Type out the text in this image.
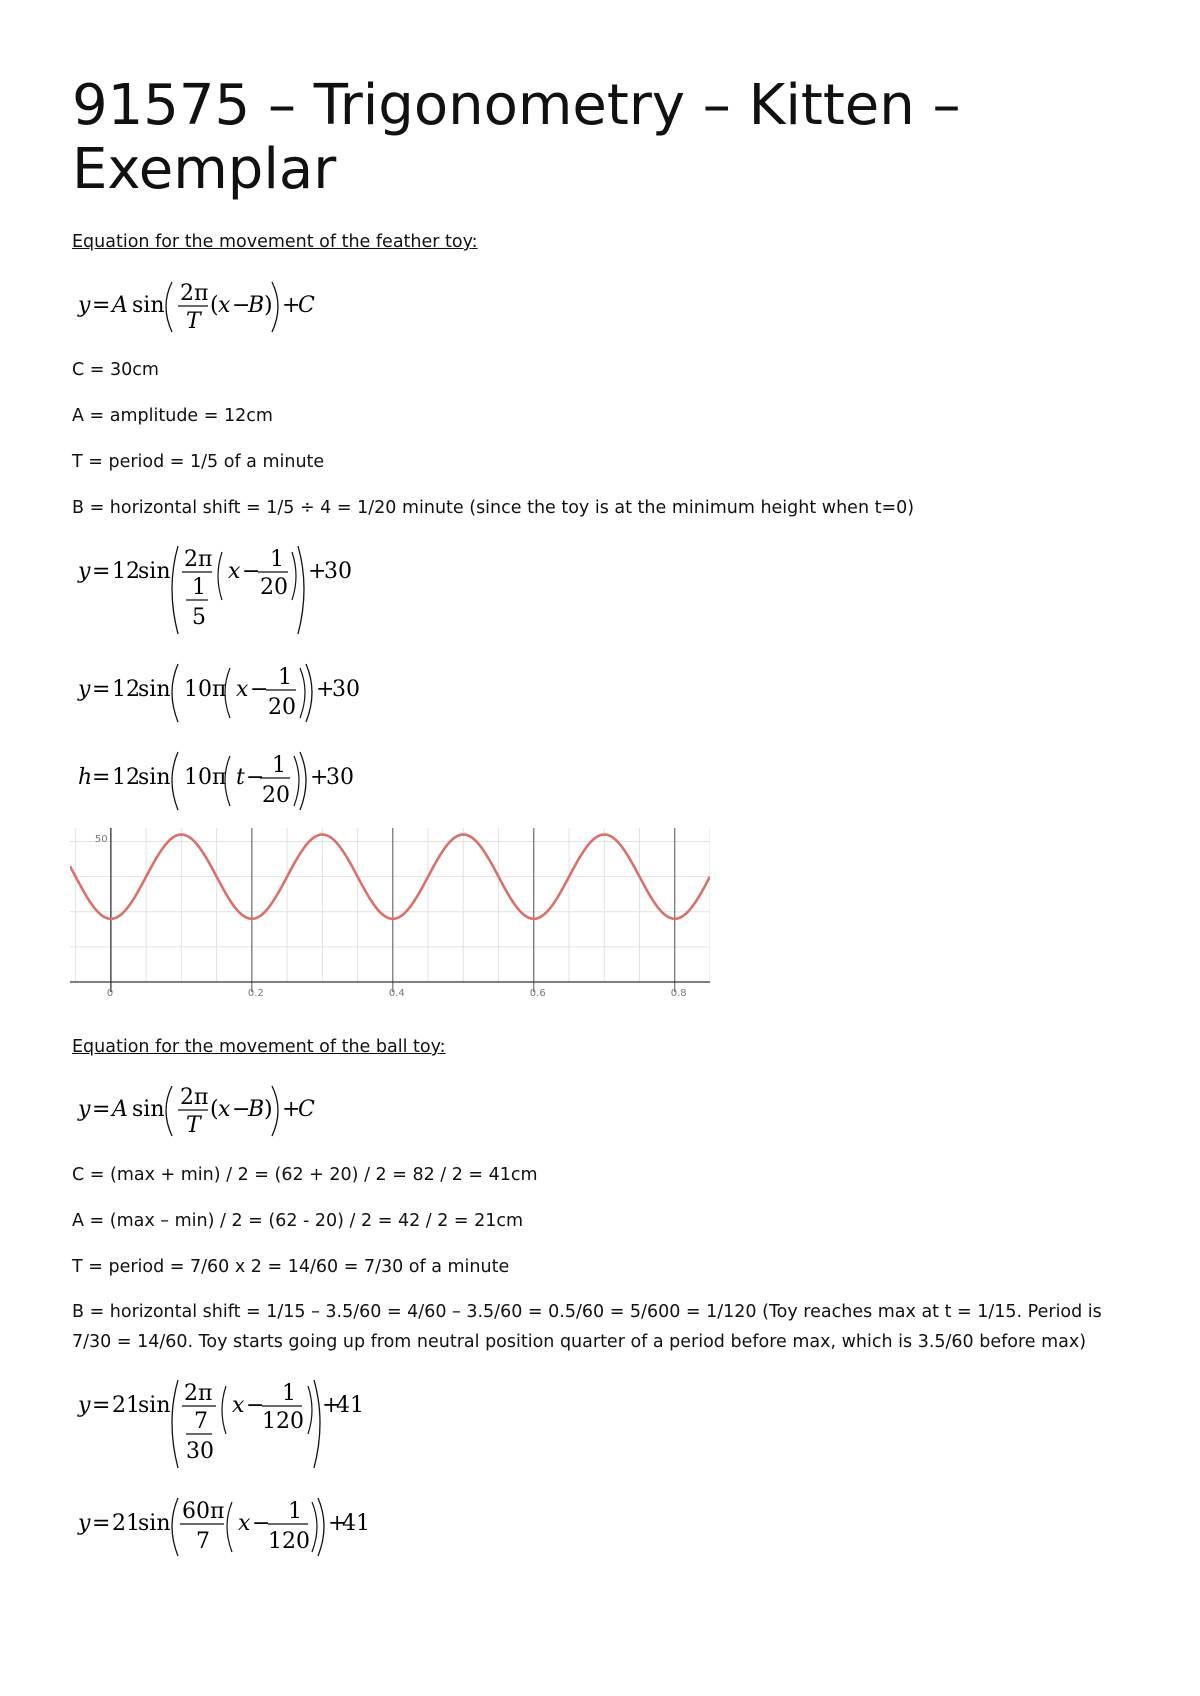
91575 – Trigonometry – Kitten – Exemplar
Equation for the movement of the feather toy:
y = A sin 2π
T
( x −
B ) +
C
C = 30cm
A = amplitude = 12cm
T = period = 1/5 of a minute
B = horizontal shift = 1/5 ÷ 4 = 1/20 minute (since the toy is at the minimum height when t=0)
y = 12
sin 2π
1
5
x − 1
20
+
30
y = 12
sin 10π x − 1
20
+
30
h = 12
sin 10π t − 1
20
+
30
0	0.2	0.4	0.6	0.8
50
Equation for the movement of the ball toy:
y = A sin 2π
T
( x −
B ) +
C
C = (max + min) / 2 = (62 + 20) / 2 = 82 / 2 = 41cm
A = (max – min) / 2 = (62 - 20) / 2 = 42 / 2 = 21cm
T = period = 7/60 x 2 = 14/60 = 7/30 of a minute
B = horizontal shift = 1/15 – 3.5/60 = 4/60 – 3.5/60 = 0.5/60 = 5/600 = 1/120 (Toy reaches max at t = 1/15. Period is 7/30 = 14/60. Toy starts going up from neutral position quarter of a period before max, which is 3.5/60 before max)
y = 21
sin 2π
7
30
x − 1
120
+
41
y = 21
sin 60π
7
x − 1
120
+
41
